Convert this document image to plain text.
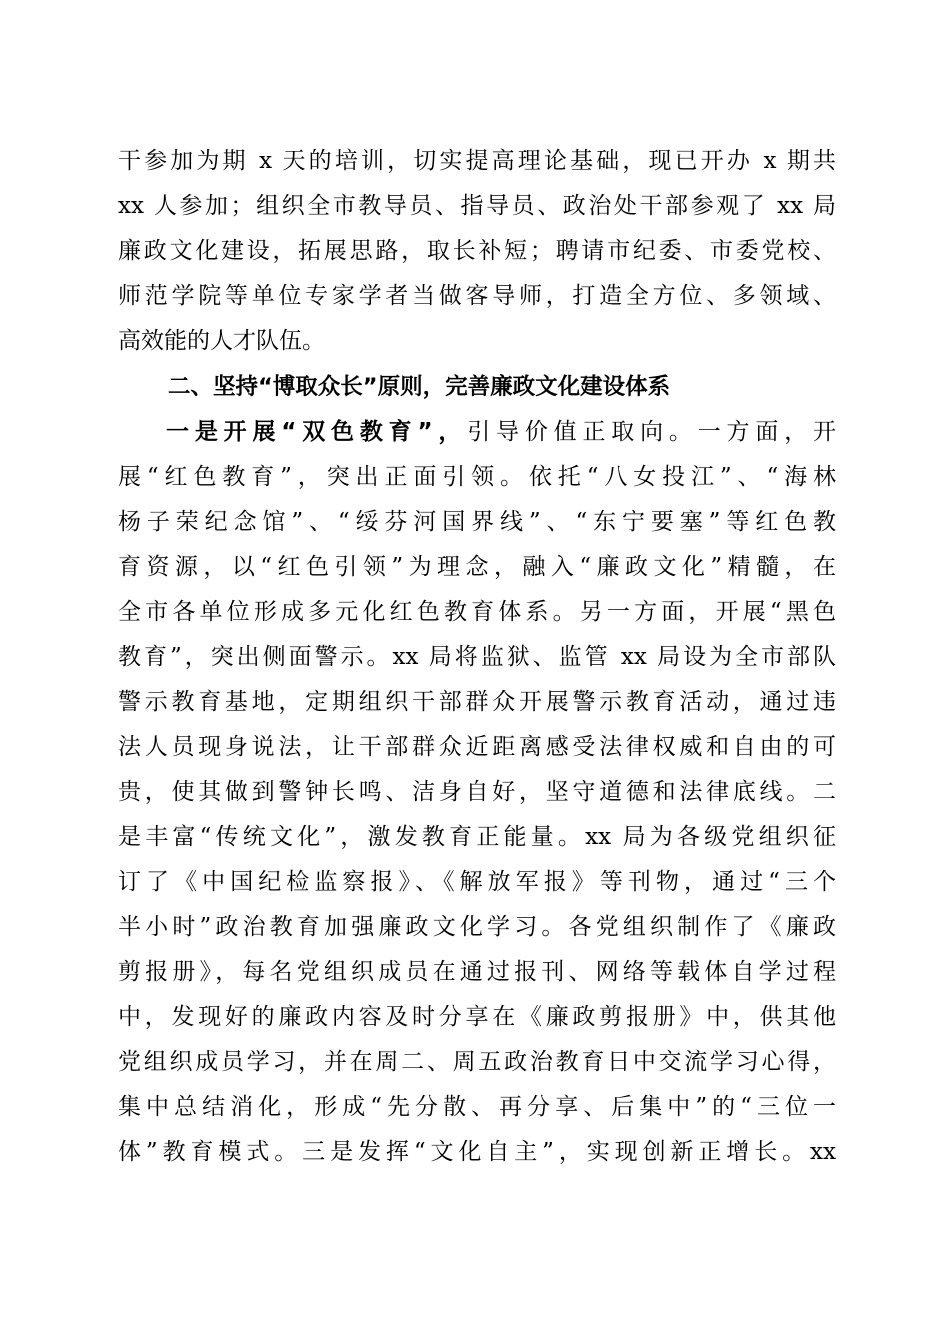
干参加为期 x 天的培训，切实提高理论基础，现已开办 x 期共
xx 人参加；组织全市教导员、指导员、政治处干部参观了 xx 局
廉政文化建设，拓展思路，取长补短；聘请市纪委、市委党校、
师范学院等单位专家学者当做客导师，打造全方位、多领域、
高效能的人才队伍。
二、坚持“博取众长”原则，完善廉政文化建设体系
一是开展“双色教育”，引导价值正取向。一方面，开
展“红色教育”，突出正面引领。依托“八女投江”、“海林
杨子荣纪念馆”、“绥芬河国界线”、“东宁要塞”等红色教
育资源，以“红色引领”为理念，融入“廉政文化”精髓，在
全市各单位形成多元化红色教育体系。另一方面，开展“黑色
教育”，突出侧面警示。xx 局将监狱、监管 xx 局设为全市部队
警示教育基地，定期组织干部群众开展警示教育活动，通过违
法人员现身说法，让干部群众近距离感受法律权威和自由的可
贵，使其做到警钟长鸣、洁身自好，坚守道德和法律底线。二
是丰富“传统文化”，激发教育正能量。xx 局为各级党组织征
订了《中国纪检监察报》、《解放军报》等刊物，通过“三个
半小时”政治教育加强廉政文化学习。各党组织制作了《廉政
剪报册》，每名党组织成员在通过报刊、网络等载体自学过程
中，发现好的廉政内容及时分享在《廉政剪报册》中，供其他
党组织成员学习，并在周二、周五政治教育日中交流学习心得，
集中总结消化，形成“先分散、再分享、后集中”的“三位一
体”教育模式。三是发挥“文化自主”，实现创新正增长。xx
